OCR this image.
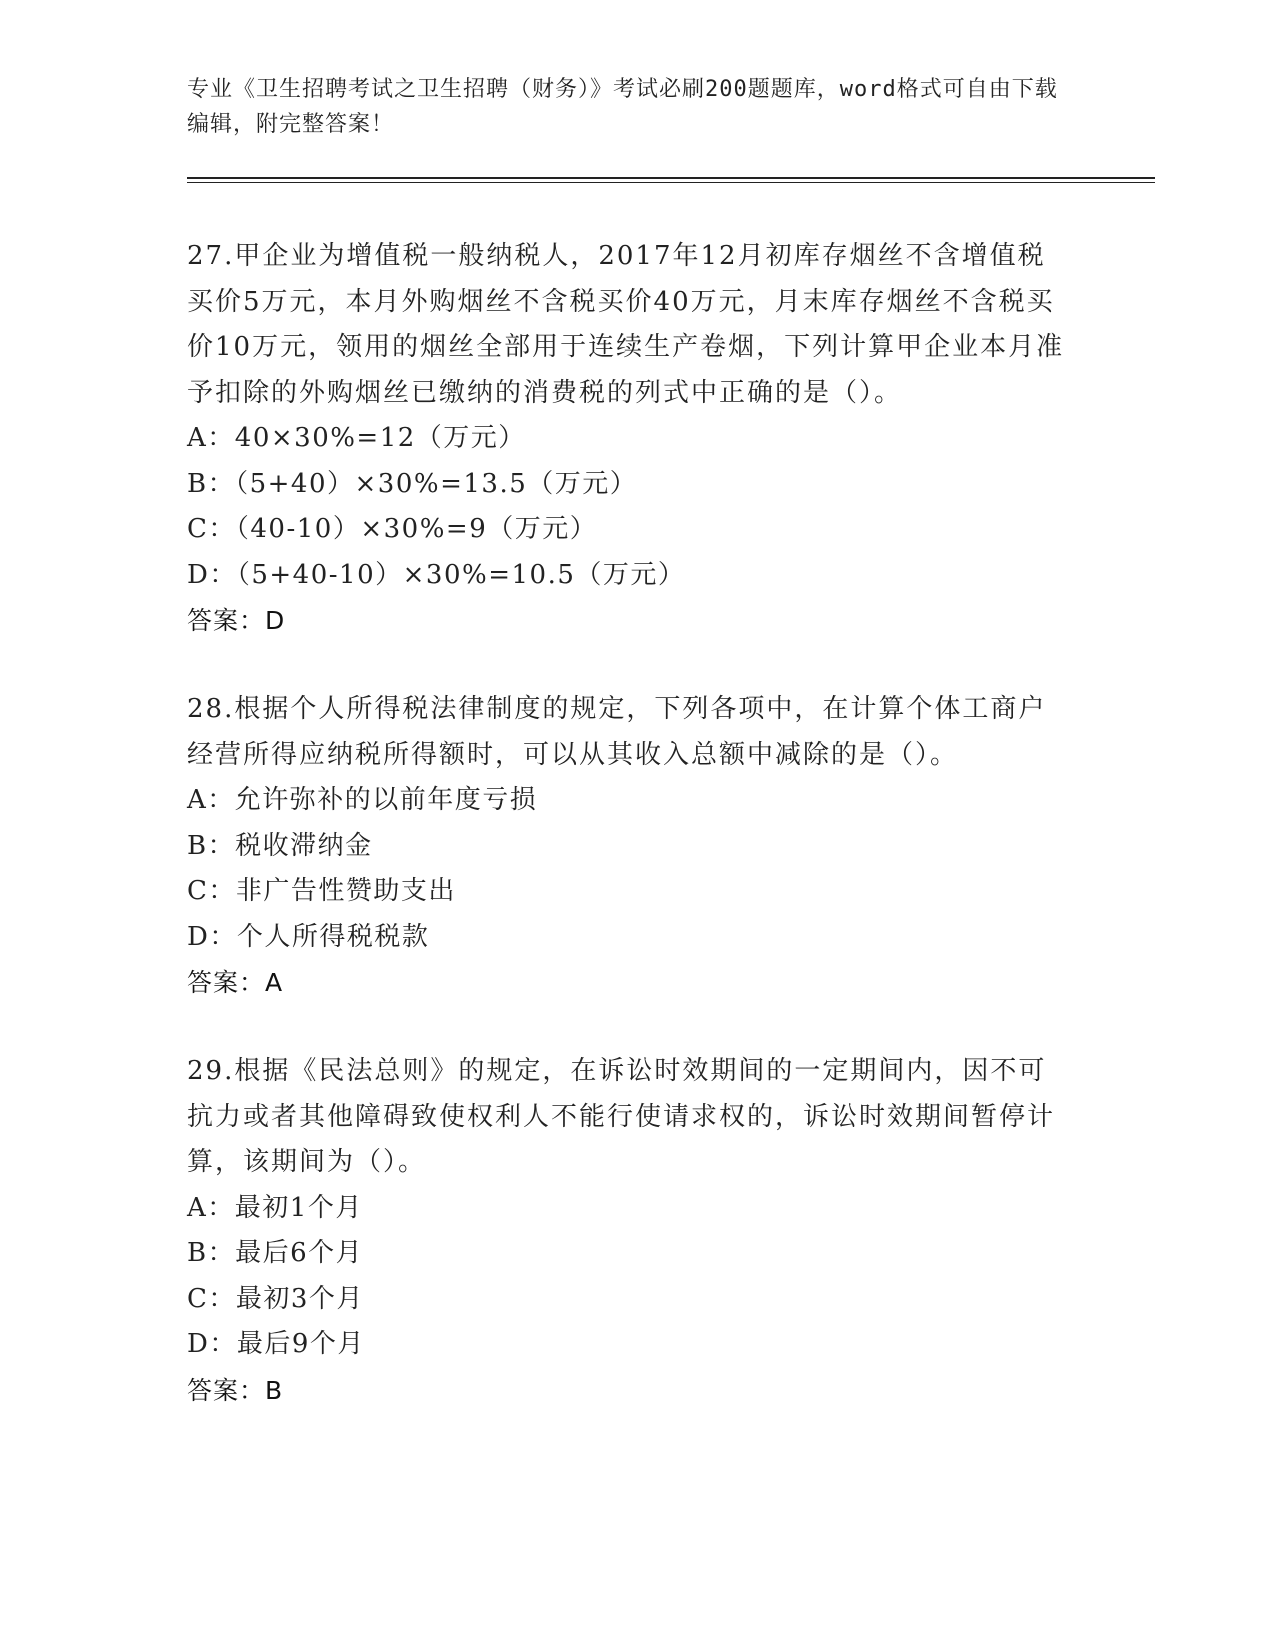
专业《卫生招聘考试之卫生招聘（财务）》考试必刷200题题库，word格式可自由下载编辑，附完整答案！

27.甲企业为增值税一般纳税人，2017年12月初库存烟丝不含增值税买价5万元，本月外购烟丝不含税买价40万元，月末库存烟丝不含税买价10万元，领用的烟丝全部用于连续生产卷烟，下列计算甲企业本月准予扣除的外购烟丝已缴纳的消费税的列式中正确的是（）。

A：40×30%=12（万元）

B：（5+40）×30%=13.5（万元）

C：（40-10）×30%=9（万元）

D：（5+40-10）×30%=10.5（万元）

答案：D

28.根据个人所得税法律制度的规定，下列各项中，在计算个体工商户经营所得应纳税所得额时，可以从其收入总额中减除的是（）。

A：允许弥补的以前年度亏损

B：税收滞纳金

C：非广告性赞助支出

D：个人所得税税款

答案：A

29.根据《民法总则》的规定，在诉讼时效期间的一定期间内，因不可抗力或者其他障碍致使权利人不能行使请求权的，诉讼时效期间暂停计算，该期间为（）。

A：最初1个月

B：最后6个月

C：最初3个月

D：最后9个月

答案：B
